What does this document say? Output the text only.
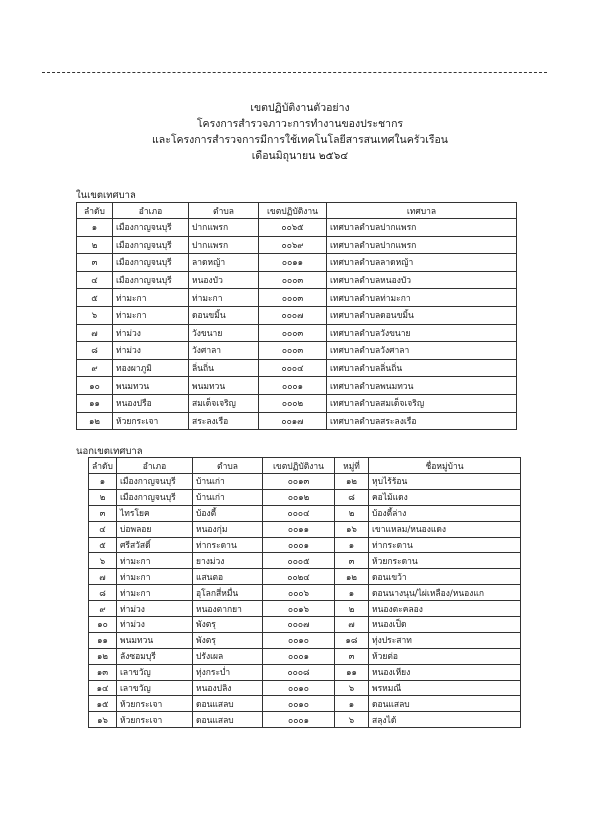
เขตปฏิบัติงานตัวอย่าง
โครงการสำรวจภาวะการทำงานของประชากร
และโครงการสำรวจการมีการใช้เทคโนโลยีสารสนเทศในครัวเรือน
เดือนมิถุนายน ๒๕๖๔
ในเขตเทศบาล
ลำดับ	อำเภอ	ตำบล	เขตปฏิบัติงาน	เทศบาล
๑	เมืองกาญจนบุรี	ปากแพรก	๐๐๖๕	เทศบาลตำบลปากแพรก
๒	เมืองกาญจนบุรี	ปากแพรก	๐๐๖๙	เทศบาลตำบลปากแพรก
๓	เมืองกาญจนบุรี	ลาดหญ้า	๐๐๑๑	เทศบาลตำบลลาดหญ้า
๔	เมืองกาญจนบุรี	หนองบัว	๐๐๐๓	เทศบาลตำบลหนองบัว
๕	ท่ามะกา	ท่ามะกา	๐๐๐๓	เทศบาลตำบลท่ามะกา
๖	ท่ามะกา	ดอนขมิ้น	๐๐๐๗	เทศบาลตำบลดอนขมิ้น
๗	ท่าม่วง	วังขนาย	๐๐๐๓	เทศบาลตำบลวังขนาย
๘	ท่าม่วง	วังศาลา	๐๐๐๓	เทศบาลตำบลวังศาลา
๙	ทองผาภูมิ	ลิ่นถิ่น	๐๐๐๔	เทศบาลตำบลลิ่นถิ่น
๑๐	พนมทวน	พนมทวน	๐๐๐๑	เทศบาลตำบลพนมทวน
๑๑	หนองปรือ	สมเด็จเจริญ	๐๐๐๒	เทศบาลตำบลสมเด็จเจริญ
๑๒	ห้วยกระเจา	สระลงเรือ	๐๐๑๗	เทศบาลตำบลสระลงเรือ
นอกเขตเทศบาล
ลำดับ	อำเภอ	ตำบล	เขตปฏิบัติงาน	หมู่ที่	ชื่อหมู่บ้าน
๑	เมืองกาญจนบุรี	บ้านเก่า	๐๐๑๓	๑๒	หุบไร้ร้อน
๒	เมืองกาญจนบุรี	บ้านเก่า	๐๐๑๒	๘	คอไม้แดง
๓	ไทรโยค	บ้องตี้	๐๐๐๔	๒	บ้องตี้ล่าง
๔	บ่อพลอย	หนองกุ่ม	๐๐๑๑	๑๖	เขาแหลม/หนองแดง
๕	ศรีสวัสดิ์	ท่ากระดาน	๐๐๐๑	๑	ท่ากระดาน
๖	ท่ามะกา	ยางม่วง	๐๐๐๕	๓	ห้วยกระดาน
๗	ท่ามะกา	แสนตอ	๐๐๒๔	๑๒	ดอนเขว้า
๘	ท่ามะกา	อุโลกสี่หมื่น	๐๐๐๖	๑	ดอนนางนุน/ไผ่เหลือง/หนองแก
๙	ท่าม่วง	หนองตากยา	๐๐๑๖	๒	หนองตะคลอง
๑๐	ท่าม่วง	พังตรุ	๐๐๐๗	๗	หนองเป็ด
๑๑	พนมทวน	พังตรุ	๐๐๑๐	๑๘	ทุ่งประสาท
๑๒	ลังซอมบุรี	ปรังเผล	๐๐๐๑	๓	ห้วยต่อ
๑๓	เลาขวัญ	ทุ่งกระบ่ำ	๐๐๐๘	๑๑	หนองเหียง
๑๔	เลาขวัญ	หนองปลิง	๐๐๑๐	๖	พรหมณี
๑๕	ห้วยกระเจา	ดอนแสลบ	๐๐๑๐	๑	ดอนแสลบ
๑๖	ห้วยกระเจา	ดอนแสลบ	๐๐๐๑	๖	สลุงได้
